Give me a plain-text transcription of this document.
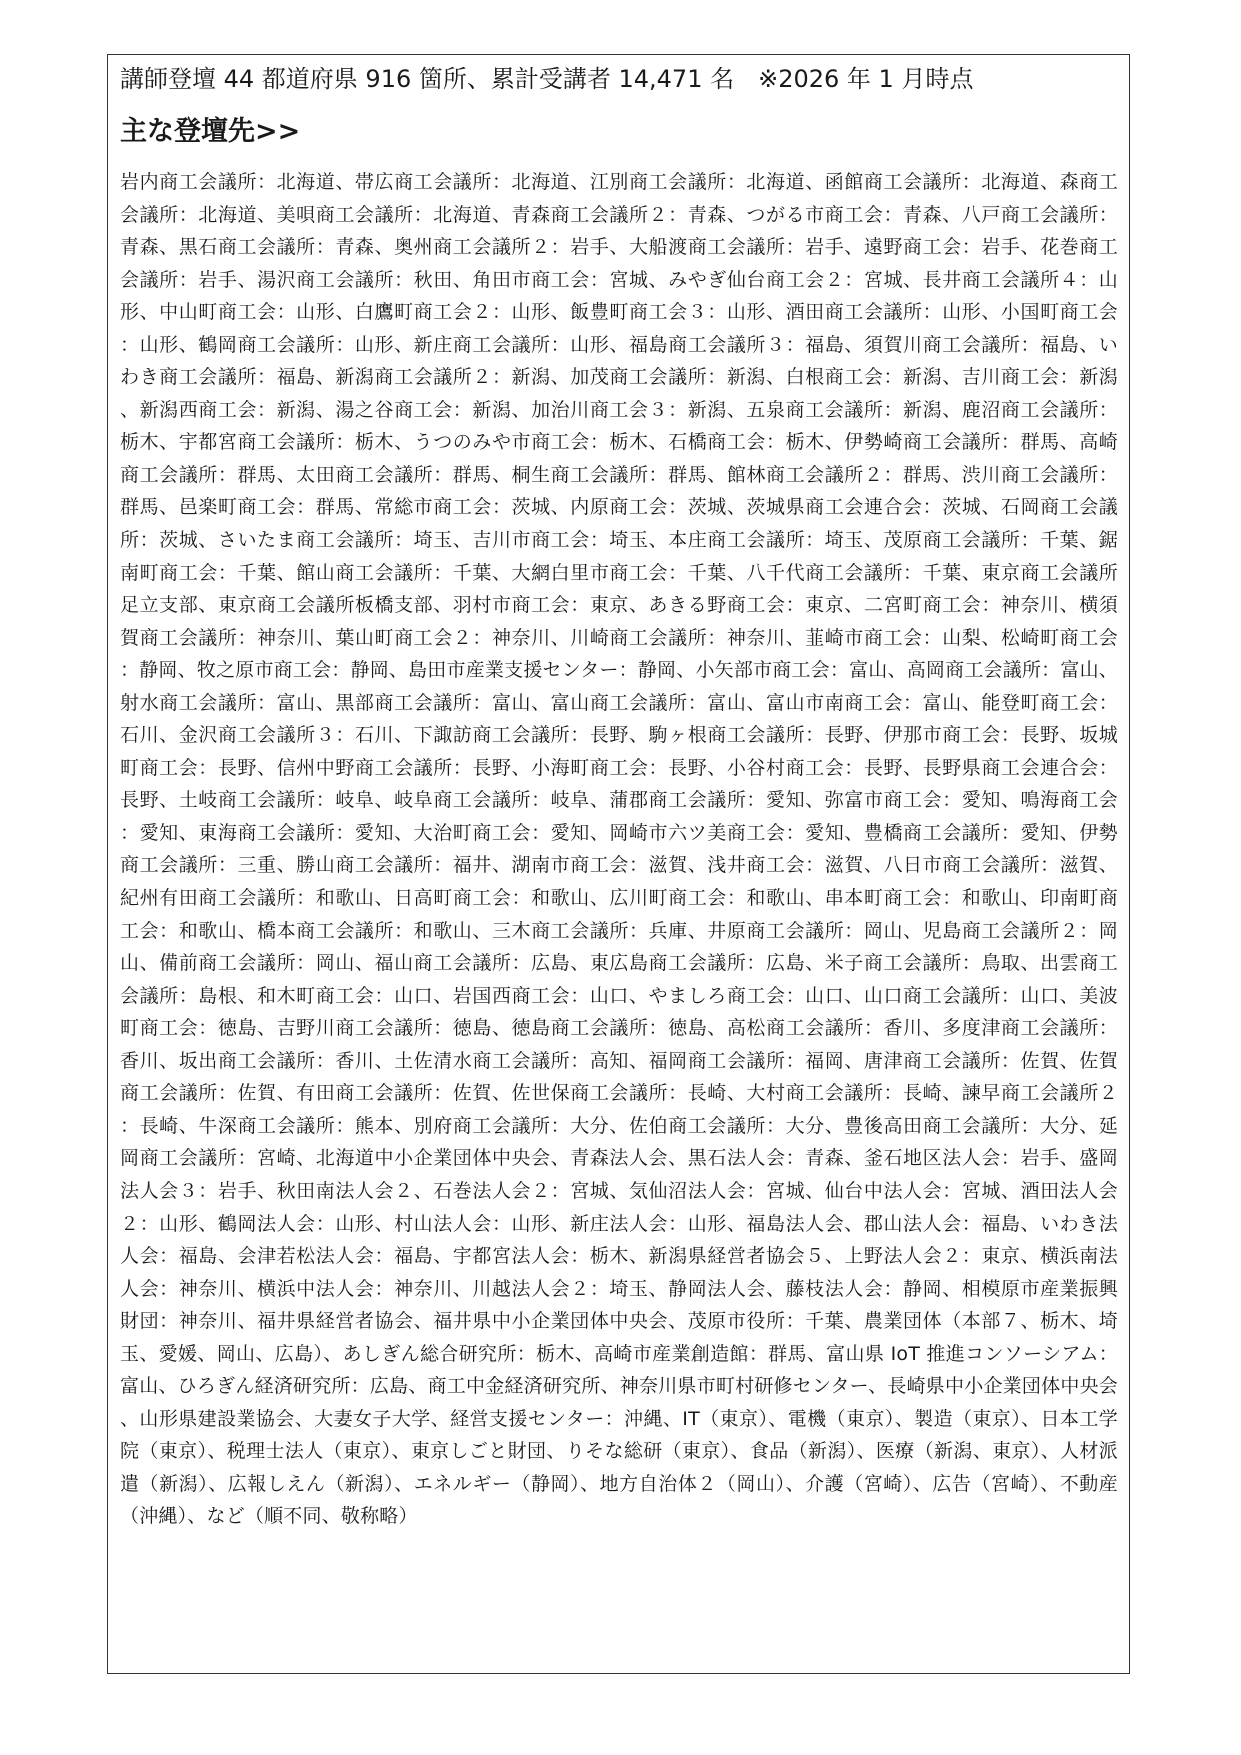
講師登壇 44 都道府県 916 箇所、累計受講者 14,471 名　※2026 年 1 月時点
主な登壇先>>
岩内商工会議所：北海道、帯広商工会議所：北海道、江別商工会議所：北海道、函館商工会議所：北海道、森商工会議所：北海道、美唄商工会議所：北海道、青森商工会議所２：青森、つがる市商工会：青森、八戸商工会議所：青森、黒石商工会議所：青森、奥州商工会議所２：岩手、大船渡商工会議所：岩手、遠野商工会：岩手、花巻商工会議所：岩手、湯沢商工会議所：秋田、角田市商工会：宮城、みやぎ仙台商工会２：宮城、長井商工会議所４：山形、中山町商工会：山形、白鷹町商工会２：山形、飯豊町商工会３：山形、酒田商工会議所：山形、小国町商工会：山形、鶴岡商工会議所：山形、新庄商工会議所：山形、福島商工会議所３：福島、須賀川商工会議所：福島、いわき商工会議所：福島、新潟商工会議所２：新潟、加茂商工会議所：新潟、白根商工会：新潟、吉川商工会：新潟、新潟西商工会：新潟、湯之谷商工会：新潟、加治川商工会３：新潟、五泉商工会議所：新潟、鹿沼商工会議所：栃木、宇都宮商工会議所：栃木、うつのみや市商工会：栃木、石橋商工会：栃木、伊勢崎商工会議所：群馬、高崎商工会議所：群馬、太田商工会議所：群馬、桐生商工会議所：群馬、館林商工会議所２：群馬、渋川商工会議所：群馬、邑楽町商工会：群馬、常総市商工会：茨城、内原商工会：茨城、茨城県商工会連合会：茨城、石岡商工会議所：茨城、さいたま商工会議所：埼玉、吉川市商工会：埼玉、本庄商工会議所：埼玉、茂原商工会議所：千葉、鋸南町商工会：千葉、館山商工会議所：千葉、大網白里市商工会：千葉、八千代商工会議所：千葉、東京商工会議所足立支部、東京商工会議所板橋支部、羽村市商工会：東京、あきる野商工会：東京、二宮町商工会：神奈川、横須賀商工会議所：神奈川、葉山町商工会２：神奈川、川崎商工会議所：神奈川、韮崎市商工会：山梨、松崎町商工会：静岡、牧之原市商工会：静岡、島田市産業支援センター：静岡、小矢部市商工会：富山、高岡商工会議所：富山、射水商工会議所：富山、黒部商工会議所：富山、富山商工会議所：富山、富山市南商工会：富山、能登町商工会：石川、金沢商工会議所３：石川、下諏訪商工会議所：長野、駒ヶ根商工会議所：長野、伊那市商工会：長野、坂城町商工会：長野、信州中野商工会議所：長野、小海町商工会：長野、小谷村商工会：長野、長野県商工会連合会：長野、土岐商工会議所：岐阜、岐阜商工会議所：岐阜、蒲郡商工会議所：愛知、弥富市商工会：愛知、鳴海商工会：愛知、東海商工会議所：愛知、大治町商工会：愛知、岡崎市六ツ美商工会：愛知、豊橋商工会議所：愛知、伊勢商工会議所：三重、勝山商工会議所：福井、湖南市商工会：滋賀、浅井商工会：滋賀、八日市商工会議所：滋賀、紀州有田商工会議所：和歌山、日高町商工会：和歌山、広川町商工会：和歌山、串本町商工会：和歌山、印南町商工会：和歌山、橋本商工会議所：和歌山、三木商工会議所：兵庫、井原商工会議所：岡山、児島商工会議所２：岡山、備前商工会議所：岡山、福山商工会議所：広島、東広島商工会議所：広島、米子商工会議所：鳥取、出雲商工会議所：島根、和木町商工会：山口、岩国西商工会：山口、やましろ商工会：山口、山口商工会議所：山口、美波町商工会：徳島、吉野川商工会議所：徳島、徳島商工会議所：徳島、高松商工会議所：香川、多度津商工会議所：香川、坂出商工会議所：香川、土佐清水商工会議所：高知、福岡商工会議所：福岡、唐津商工会議所：佐賀、佐賀商工会議所：佐賀、有田商工会議所：佐賀、佐世保商工会議所：長崎、大村商工会議所：長崎、諫早商工会議所２：長崎、牛深商工会議所：熊本、別府商工会議所：大分、佐伯商工会議所：大分、豊後高田商工会議所：大分、延岡商工会議所：宮崎、北海道中小企業団体中央会、青森法人会、黒石法人会：青森、釜石地区法人会：岩手、盛岡法人会３：岩手、秋田南法人会２、石巻法人会２：宮城、気仙沼法人会：宮城、仙台中法人会：宮城、酒田法人会２：山形、鶴岡法人会：山形、村山法人会：山形、新庄法人会：山形、福島法人会、郡山法人会：福島、いわき法人会：福島、会津若松法人会：福島、宇都宮法人会：栃木、新潟県経営者協会５、上野法人会２：東京、横浜南法人会：神奈川、横浜中法人会：神奈川、川越法人会２：埼玉、静岡法人会、藤枝法人会：静岡、相模原市産業振興財団：神奈川、福井県経営者協会、福井県中小企業団体中央会、茂原市役所：千葉、農業団体（本部７、栃木、埼玉、愛媛、岡山、広島）、あしぎん総合研究所：栃木、高崎市産業創造館：群馬、富山県 IoT 推進コンソーシアム：富山、ひろぎん経済研究所：広島、商工中金経済研究所、神奈川県市町村研修センター、長崎県中小企業団体中央会、山形県建設業協会、大妻女子大学、経営支援センター：沖縄、IT（東京）、電機（東京）、製造（東京）、日本工学院（東京）、税理士法人（東京）、東京しごと財団、りそな総研（東京）、食品（新潟）、医療（新潟、東京）、人材派遣（新潟）、広報しえん（新潟）、エネルギー（静岡）、地方自治体２（岡山）、介護（宮崎）、広告（宮崎）、不動産（沖縄）、など（順不同、敬称略）
